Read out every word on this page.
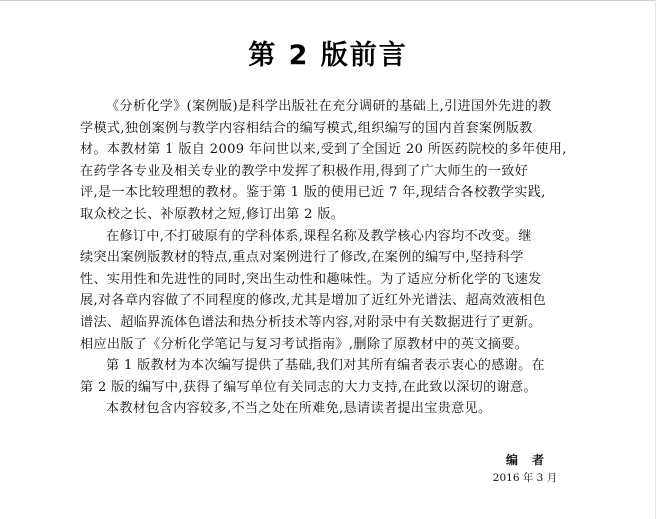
第 2 版前言
《分析化学》(案例版)是科学出版社在充分调研的基础上,引进国外先进的教
学模式,独创案例与教学内容相结合的编写模式,组织编写的国内首套案例版教
材。本教材第 1 版自 2009 年问世以来,受到了全国近 20 所医药院校的多年使用,
在药学各专业及相关专业的教学中发挥了积极作用,得到了广大师生的一致好
评,是一本比较理想的教材。鉴于第 1 版的使用已近 7 年,现结合各校教学实践,
取众校之长、补原教材之短,修订出第 2 版。
在修订中,不打破原有的学科体系,课程名称及教学核心内容均不改变。继
续突出案例版教材的特点,重点对案例进行了修改,在案例的编写中,坚持科学
性、实用性和先进性的同时,突出生动性和趣味性。为了适应分析化学的飞速发
展,对各章内容做了不同程度的修改,尤其是增加了近红外光谱法、超高效液相色
谱法、超临界流体色谱法和热分析技术等内容,对附录中有关数据进行了更新。
相应出版了《分析化学笔记与复习考试指南》,删除了原教材中的英文摘要。
第 1 版教材为本次编写提供了基础,我们对其所有编者表示衷心的感谢。在
第 2 版的编写中,获得了编写单位有关同志的大力支持,在此致以深切的谢意。
本教材包含内容较多,不当之处在所难免,恳请读者提出宝贵意见。
编者
2016 年 3 月
